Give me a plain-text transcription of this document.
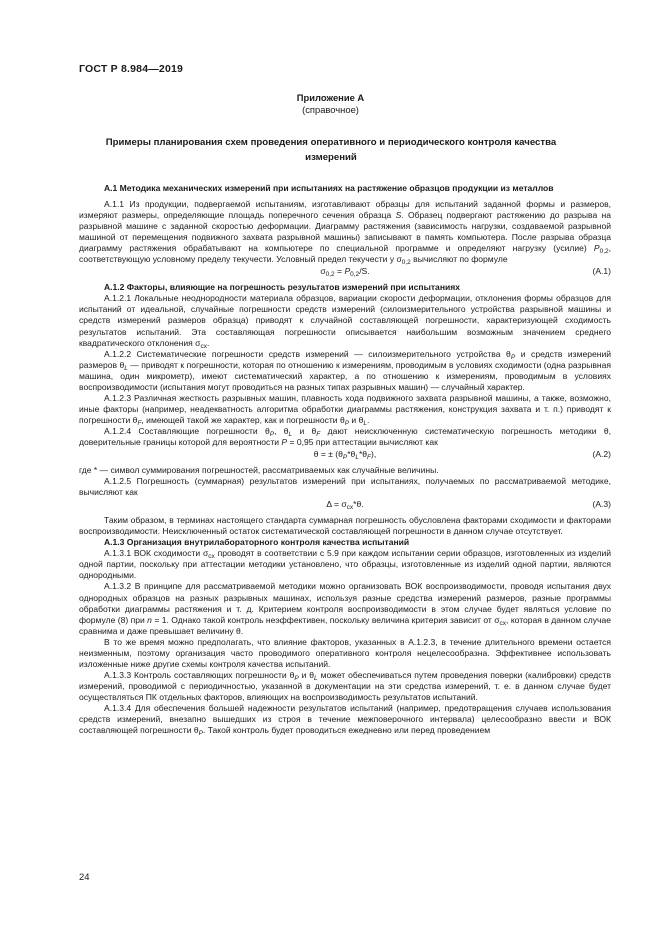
ГОСТ Р 8.984—2019
Приложение А
(справочное)
Примеры планирования схем проведения оперативного и периодического контроля качества измерений
А.1 Методика механических измерений при испытаниях на растяжение образцов продукции из металлов

А.1.1 Из продукции, подвергаемой испытаниям, изготавливают образцы для испытаний заданной формы и размеров, измеряют размеры, определяющие площадь поперечного сечения образца S. Образец подвергают растяжению до разрыва на разрывной машине с заданной скоростью деформации. Диаграмму растяжения (зависимость нагрузки, создаваемой разрывной машиной от перемещения подвижного захвата разрывной машины) записывают в память компьютера. После разрыва образца диаграмму растяжения обрабатывают на компьютере по специальной программе и определяют нагрузку (усилие) $P_{0,2}$, соответствующую условному пределу текучести. Условный предел текучести у $\sigma_{0,2}$ вычисляют по формуле

$\sigma_{0,2} = P_{0,2}/S$.	(А.1)
А.1.2 Факторы, влияющие на погрешность результатов измерений при испытаниях

А.1.2.1 Локальные неоднородности материала образцов, вариации скорости деформации, отклонения формы образцов для испытаний от идеальной, случайные погрешности средств измерений (силоизмерительного устройства разрывной машины и средств измерений размеров образца) приводят к случайной составляющей погрешности, характеризующей сходимость результатов испытаний. Эта составляющая погрешности описывается наибольшим возможным значением среднего квадратического отклонения $\sigma_{сх}$.

А.1.2.2 Систематические погрешности средств измерений — силоизмерительного устройства $\theta_P$ и средств измерений размеров $\theta_L$ — приводят к погрешности, которая по отношению к измерениям, проводимым в условиях сходимости (одна разрывная машина, один микрометр), имеют систематический характер, а по отношению к измерениям, проводимым в условиях воспроизводимости (испытания могут проводиться на разных типах разрывных машин) — случайный характер.

А.1.2.3 Различная жесткость разрывных машин, плавность хода подвижного захвата разрывной машины, а также, возможно, иные факторы (например, неадекватность алгоритма обработки диаграммы растяжения, конструкция захвата и т. п.) приводят к погрешности $\theta_F$, имеющей такой же характер, как и погрешности $\theta_P$ и $\theta_L$.

А.1.2.4 Составляющие погрешности $\theta_P$, $\theta_L$ и $\theta_F$ дают неисключенную систематическую погрешность методики θ, доверительные границы которой для вероятности P = 0,95 при аттестации вычисляют как

θ = ± $(\theta_P*\theta_L*\theta_F)$,	(А.2)

где * — символ суммирования погрешностей, рассматриваемых как случайные величины.

А.1.2.5 Погрешность (суммарная) результатов измерений при испытаниях, получаемых по рассматриваемой методике, вычисляют как

$\Delta = \sigma_{сх}*\theta$.	(А.3)

Таким образом, в терминах настоящего стандарта суммарная погрешность обусловлена факторами сходимости и факторами воспроизводимости. Неисключенный остаток систематической составляющей погрешности в данном случае отсутствует.

А.1.3 Организация внутрилабораторного контроля качества испытаний

А.1.3.1 ВОК сходимости $\sigma_{сх}$ проводят в соответствии с 5.9 при каждом испытании серии образцов, изготовленных из изделий одной партии, поскольку при аттестации методики установлено, что образцы, изготовленные из изделий одной партии, являются однородными.

А.1.3.2 В принципе для рассматриваемой методики можно организовать ВОК воспроизводимости, проводя испытания двух однородных образцов на разных разрывных машинах, используя разные средства измерений размеров, разные программы обработки диаграммы растяжения и т. д. Критерием контроля воспроизводимости в этом случае будет являться условие по формуле (8) при n = 1. Однако такой контроль неэффективен, поскольку величина критерия зависит от $\sigma_{сх}$, которая в данном случае сравнима и даже превышает величину θ.

В то же время можно предполагать, что влияние факторов, указанных в А.1.2.3, в течение длительного времени остается неизменным, поэтому организация часто проводимого оперативного контроля нецелесообразна. Эффективнее использовать изложенные ниже другие схемы контроля качества испытаний.

А.1.3.3 Контроль составляющих погрешности $\theta_P$ и $\theta_L$ может обеспечиваться путем проведения поверки (калибровки) средств измерений, проводимой с периодичностью, указанной в документации на эти средства измерений, т. е. в данном случае будет осуществляться ПК отдельных факторов, влияющих на воспроизводимость результатов испытаний.

А.1.3.4 Для обеспечения большей надежности результатов испытаний (например, предотвращения случаев использования средств измерений, внезапно вышедших из строя в течение межповерочного интервала) целесообразно ввести и ВОК составляющей погрешности $\theta_P$. Такой контроль будет проводиться ежедневно или перед проведением

24
